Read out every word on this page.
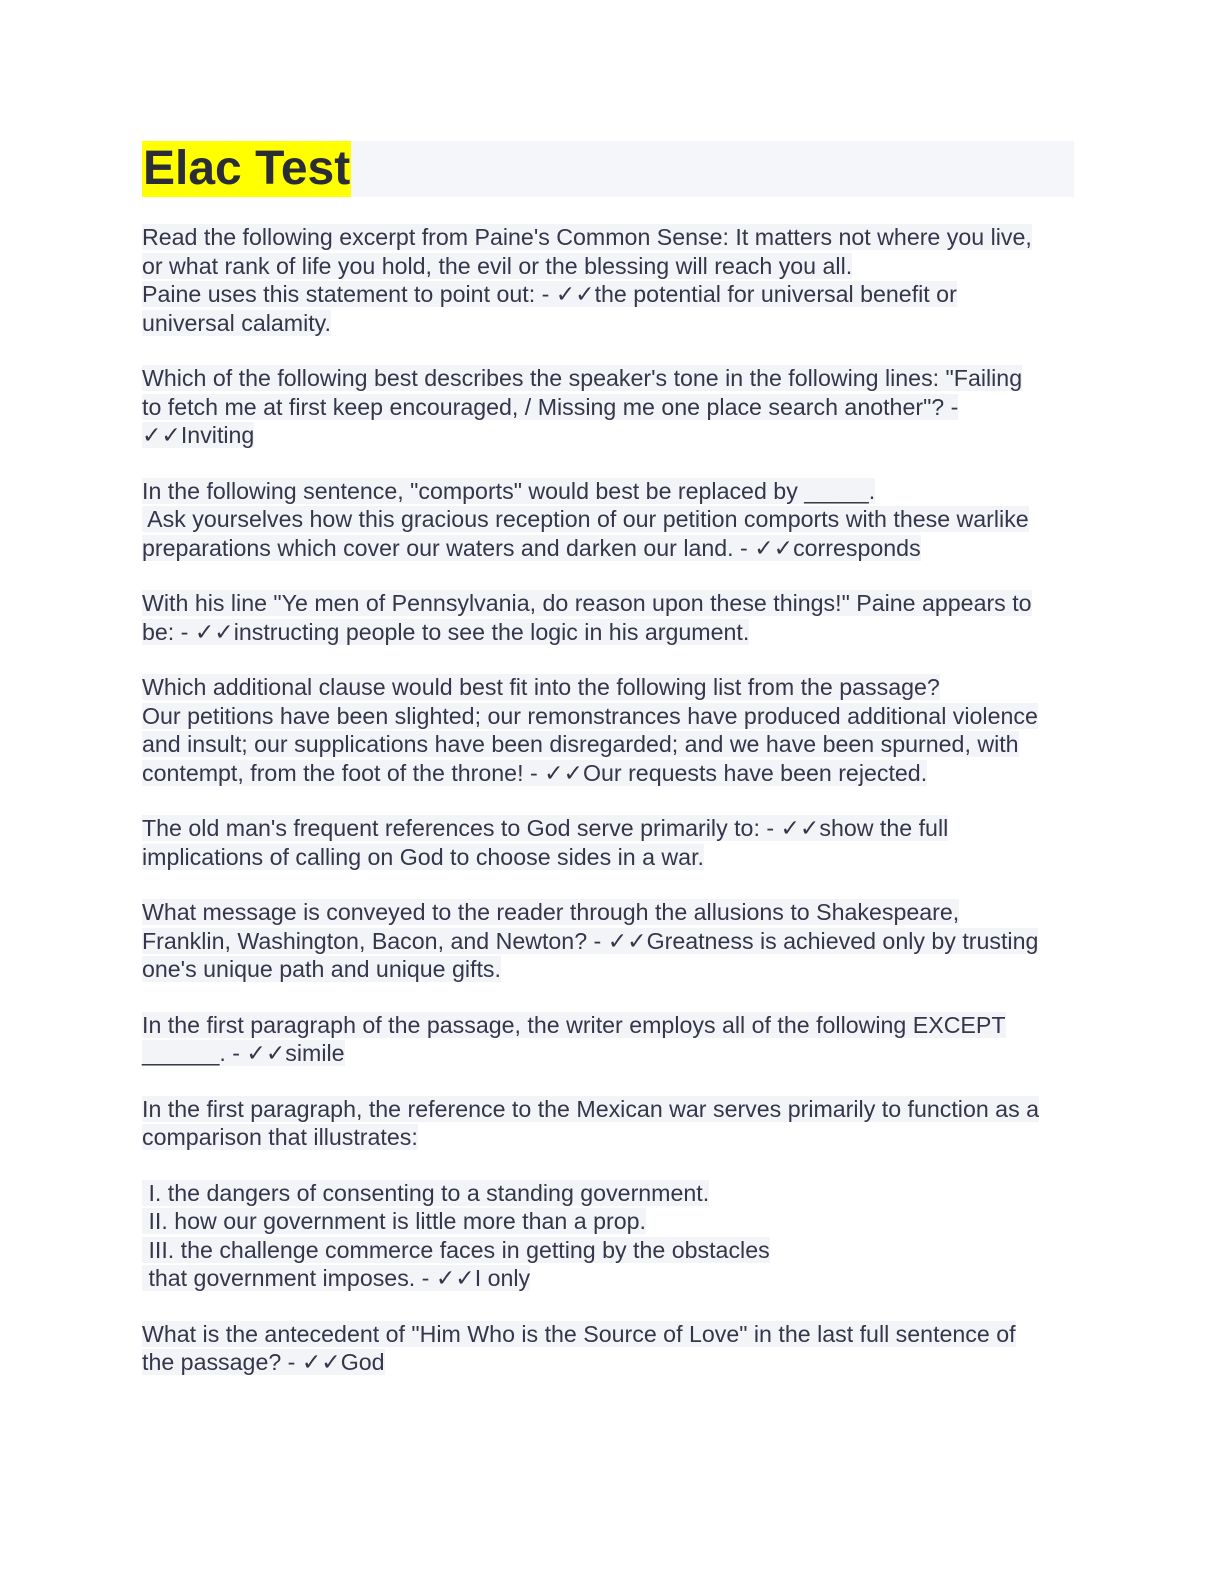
Elac Test
Read the following excerpt from Paine's Common Sense: It matters not where you live,
or what rank of life you hold, the evil or the blessing will reach you all.
Paine uses this statement to point out: - ✓✓the potential for universal benefit or
universal calamity.
Which of the following best describes the speaker's tone in the following lines: "Failing
to fetch me at first keep encouraged, / Missing me one place search another"? -
✓✓Inviting
In the following sentence, "comports" would best be replaced by _____.
Ask yourselves how this gracious reception of our petition comports with these warlike
preparations which cover our waters and darken our land. - ✓✓corresponds
With his line "Ye men of Pennsylvania, do reason upon these things!" Paine appears to
be: - ✓✓instructing people to see the logic in his argument.
Which additional clause would best fit into the following list from the passage?
Our petitions have been slighted; our remonstrances have produced additional violence
and insult; our supplications have been disregarded; and we have been spurned, with
contempt, from the foot of the throne! - ✓✓Our requests have been rejected.
The old man's frequent references to God serve primarily to: - ✓✓show the full
implications of calling on God to choose sides in a war.
What message is conveyed to the reader through the allusions to Shakespeare,
Franklin, Washington, Bacon, and Newton? - ✓✓Greatness is achieved only by trusting
one's unique path and unique gifts.
In the first paragraph of the passage, the writer employs all of the following EXCEPT
______. - ✓✓simile
In the first paragraph, the reference to the Mexican war serves primarily to function as a
comparison that illustrates:
I. the dangers of consenting to a standing government.
II. how our government is little more than a prop.
III. the challenge commerce faces in getting by the obstacles
that government imposes. - ✓✓I only
What is the antecedent of "Him Who is the Source of Love" in the last full sentence of
the passage? - ✓✓God
